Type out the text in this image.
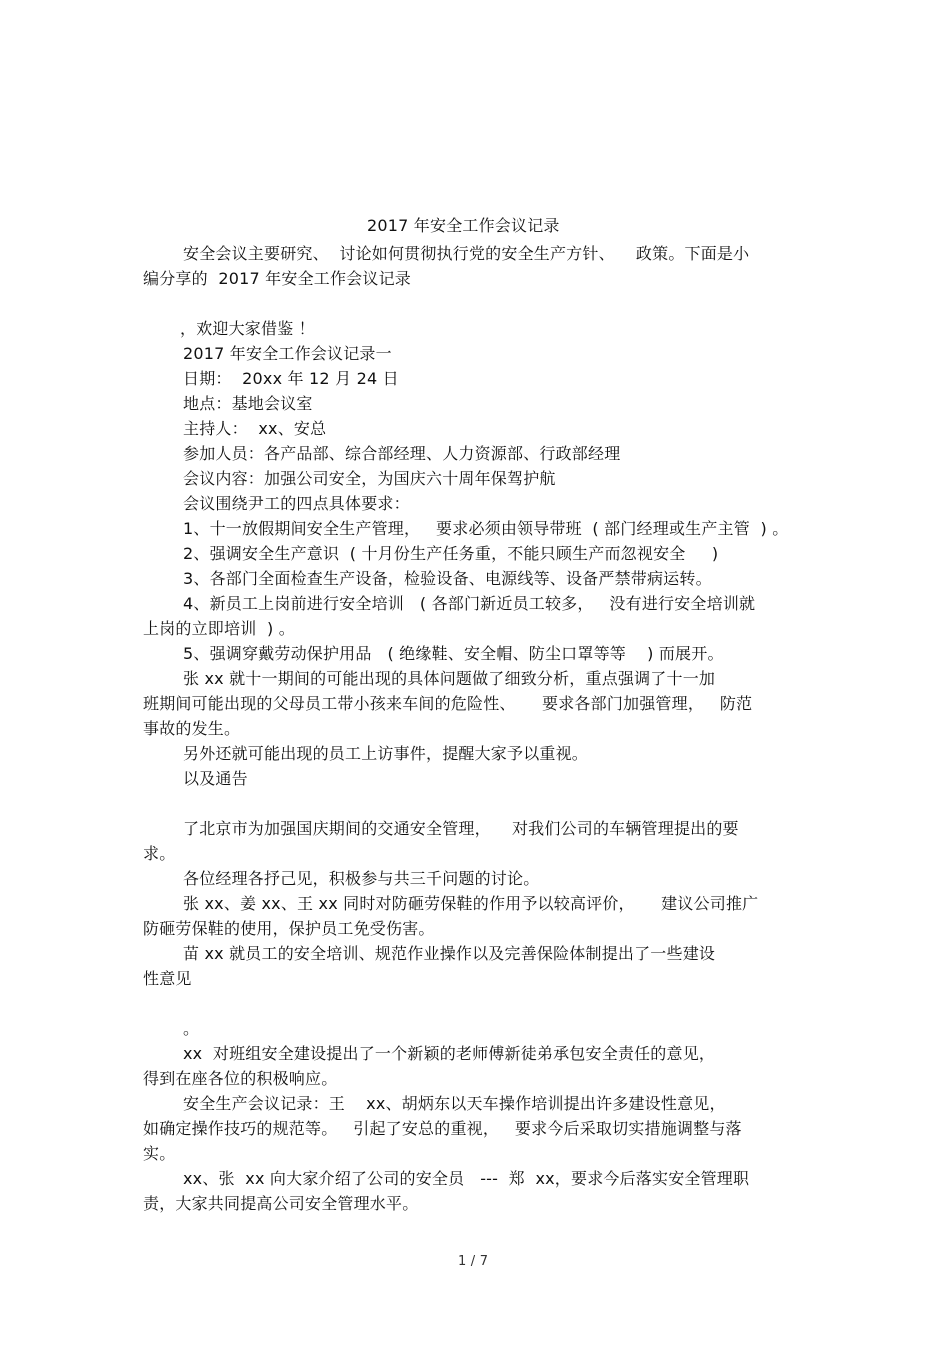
2017 年安全工作会议记录
安全会议主要研究、  讨论如何贯彻执行党的安全生产方针、    政策。下面是小
编分享的  2017 年安全工作会议记录
，欢迎大家借鉴 ！
2017 年安全工作会议记录一
日期：  20xx 年 12 月 24 日
地点：基地会议室
主持人：  xx、安总
参加人员：各产品部、综合部经理、人力资源部、行政部经理
会议内容：加强公司安全，为国庆六十周年保驾护航
会议围绕尹工的四点具体要求：
1、十一放假期间安全生产管理，   要求必须由领导带班  ( 部门经理或生产主管  ) 。
2、强调安全生产意识  ( 十月份生产任务重，不能只顾生产而忽视安全     )
3、各部门全面检查生产设备，检验设备、电源线等、设备严禁带病运转。
4、新员工上岗前进行安全培训   ( 各部门新近员工较多，   没有进行安全培训就
上岗的立即培训  ) 。
5、强调穿戴劳动保护用品   ( 绝缘鞋、安全帽、防尘口罩等等    ) 而展开。
张 xx 就十一期间的可能出现的具体问题做了细致分析，重点强调了十一加
班期间可能出现的父母员工带小孩来车间的危险性、     要求各部门加强管理，   防范
事故的发生。
另外还就可能出现的员工上访事件，提醒大家予以重视。
以及通告
了北京市为加强国庆期间的交通安全管理，    对我们公司的车辆管理提出的要
求。
各位经理各抒己见，积极参与共三千问题的讨论。
张 xx、姜 xx、王 xx 同时对防砸劳保鞋的作用予以较高评价，     建议公司推广
防砸劳保鞋的使用，保护员工免受伤害。
苗 xx 就员工的安全培训、规范作业操作以及完善保险体制提出了一些建设
性意见
。
xx  对班组安全建设提出了一个新颖的老师傅新徒弟承包安全责任的意见，
得到在座各位的积极响应。
安全生产会议记录：王    xx、胡炳东以天车操作培训提出许多建设性意见，
如确定操作技巧的规范等。   引起了安总的重视，   要求今后采取切实措施调整与落
实。
xx、张  xx 向大家介绍了公司的安全员   ---  郑  xx，要求今后落实安全管理职
责，大家共同提高公司安全管理水平。
1 / 7
